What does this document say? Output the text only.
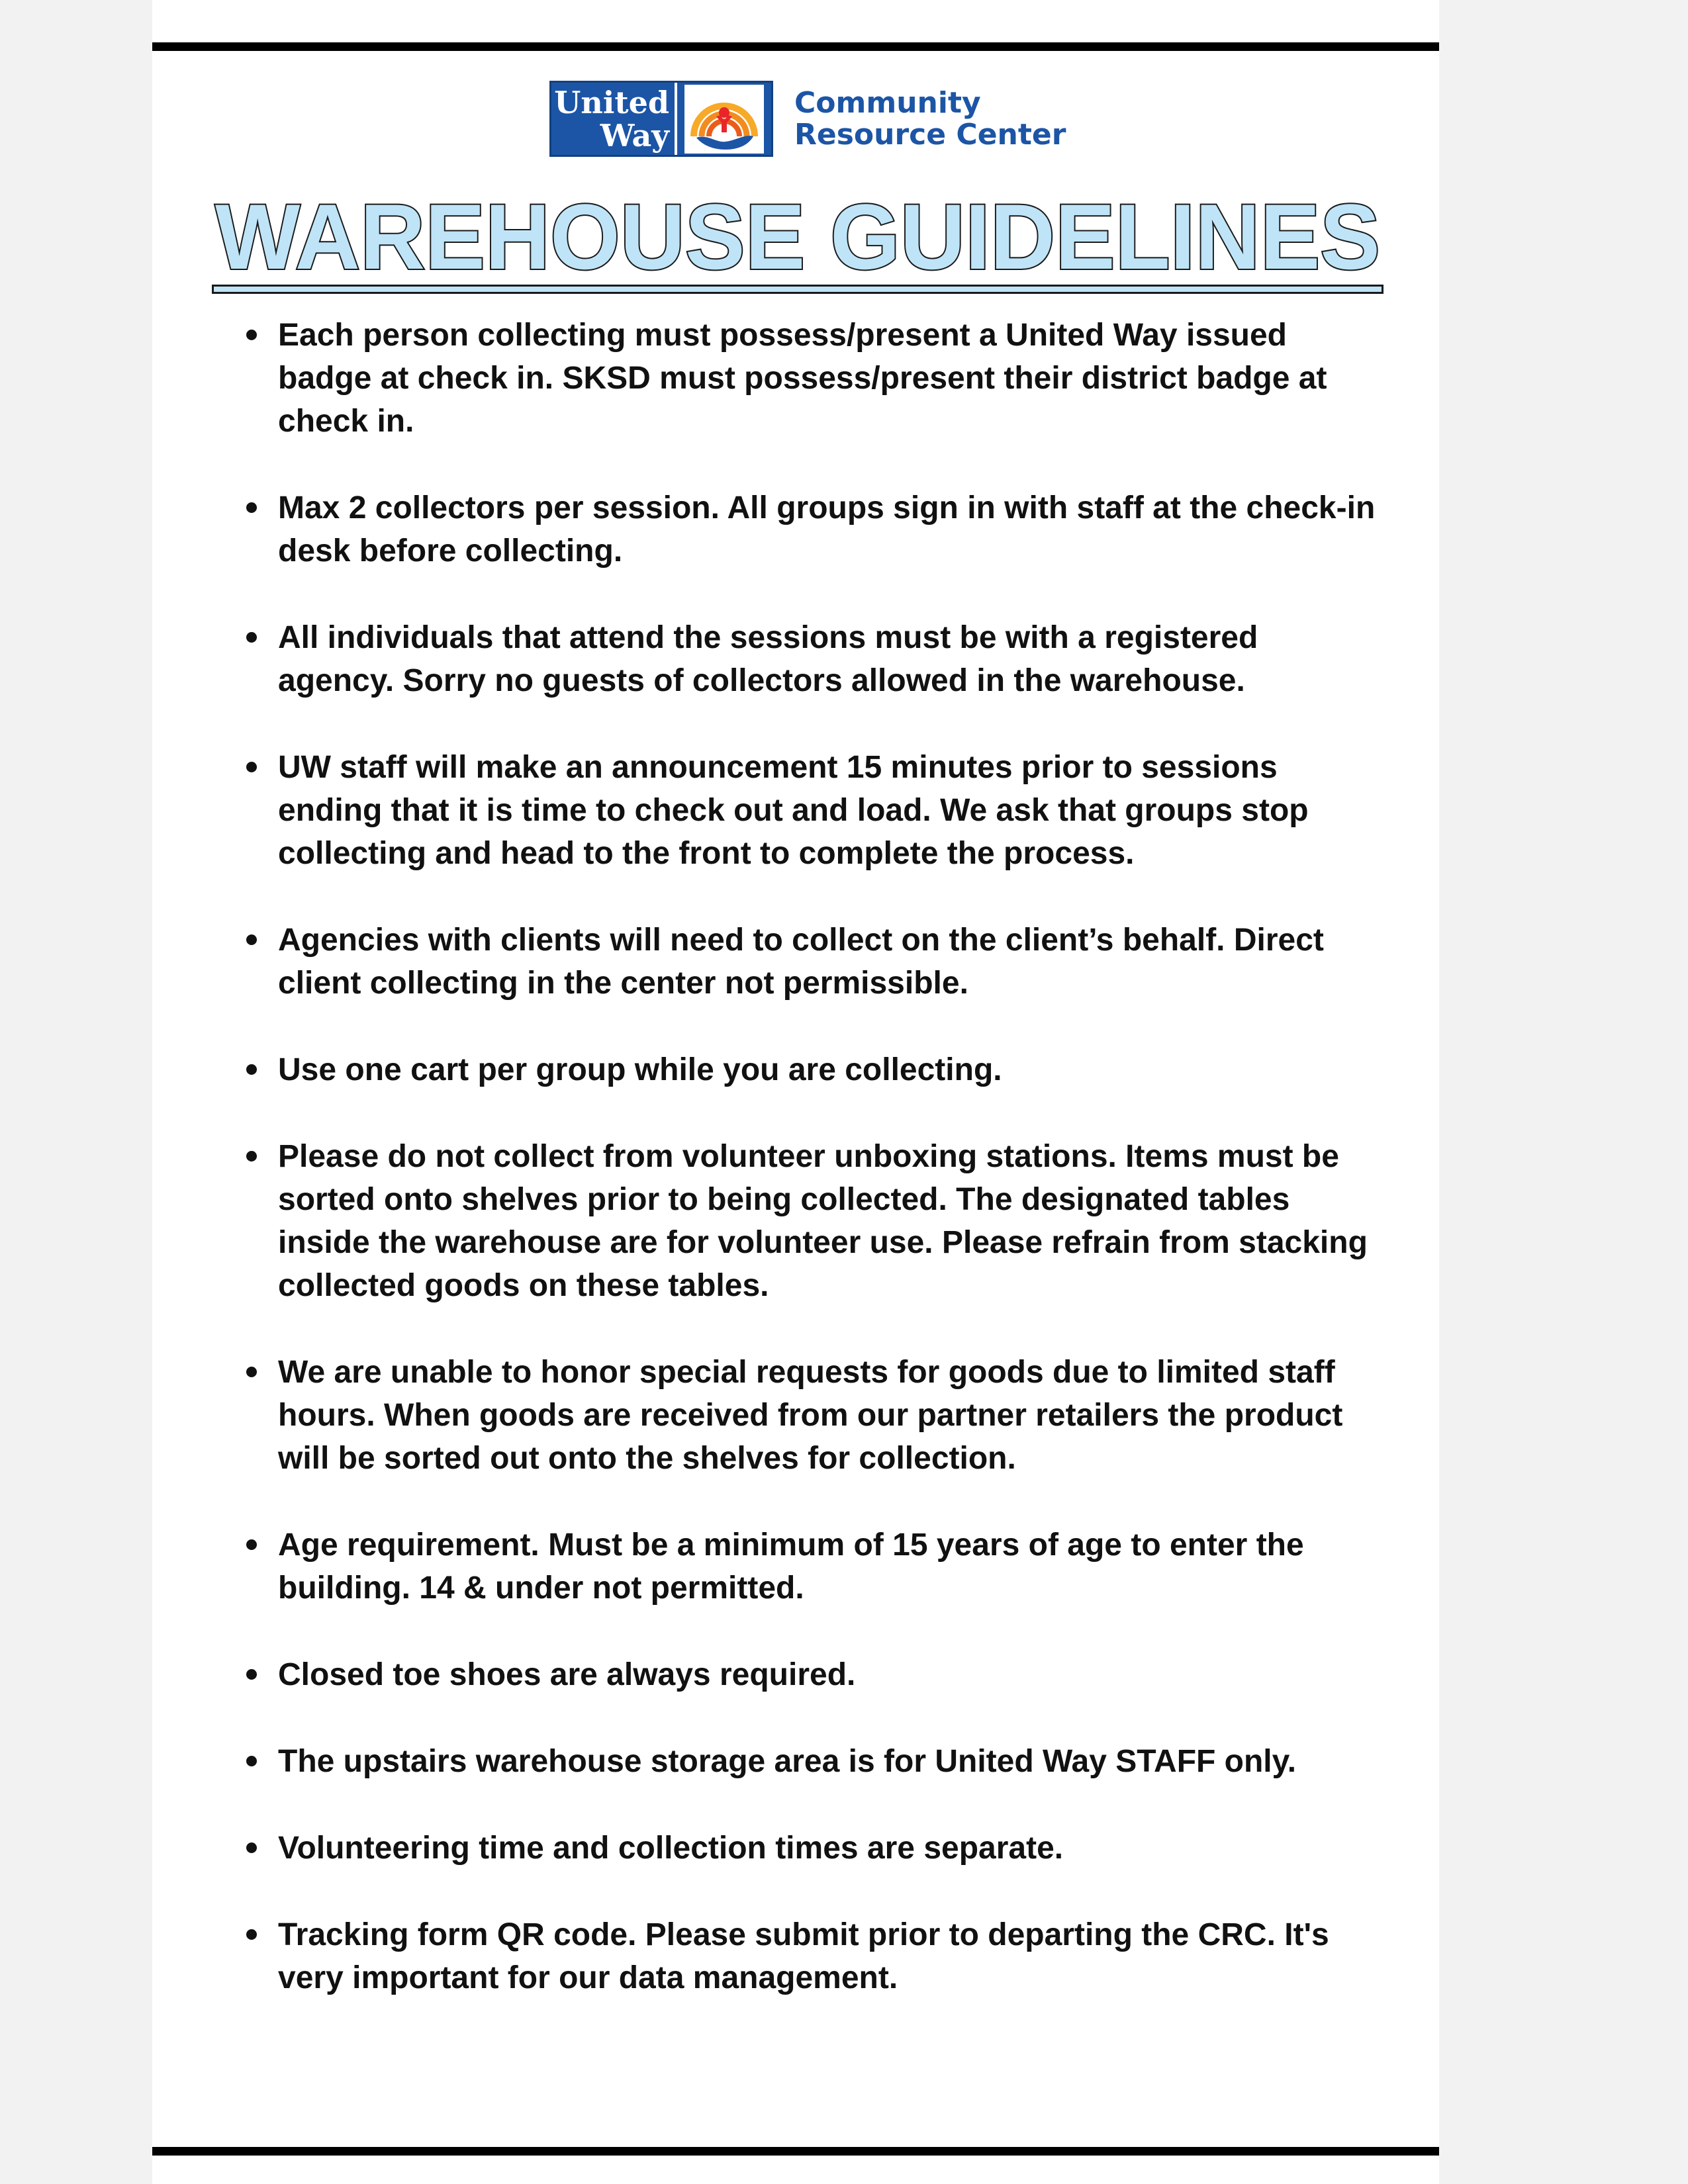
United
Way
Community
Resource Center
WAREHOUSE GUIDELINES
Each person collecting must possess/present a United Way issued badge at check in. SKSD must possess/present their district badge at check in.
Max 2 collectors per session. All groups sign in with staff at the check-in desk before collecting.
All individuals that attend the sessions must be with a registered agency. Sorry no guests of collectors allowed in the warehouse.
UW staff will make an announcement 15 minutes prior to sessions ending that it is time to check out and load. We ask that groups stop collecting and head to the front to complete the process.
Agencies with clients will need to collect on the client’s behalf. Direct client collecting in the center not permissible.
Use one cart per group while you are collecting.
Please do not collect from volunteer unboxing stations. Items must be sorted onto shelves prior to being collected. The designated tables inside the warehouse are for volunteer use. Please refrain from stacking collected goods on these tables.
We are unable to honor special requests for goods due to limited staff hours. When goods are received from our partner retailers the product will be sorted out onto the shelves for collection.
Age requirement. Must be a minimum of 15 years of age to enter the building. 14 & under not permitted.
Closed toe shoes are always required.
The upstairs warehouse storage area is for United Way STAFF only.
Volunteering time and collection times are separate.
Tracking form QR code. Please submit prior to departing the CRC. It's very important for our data management.
